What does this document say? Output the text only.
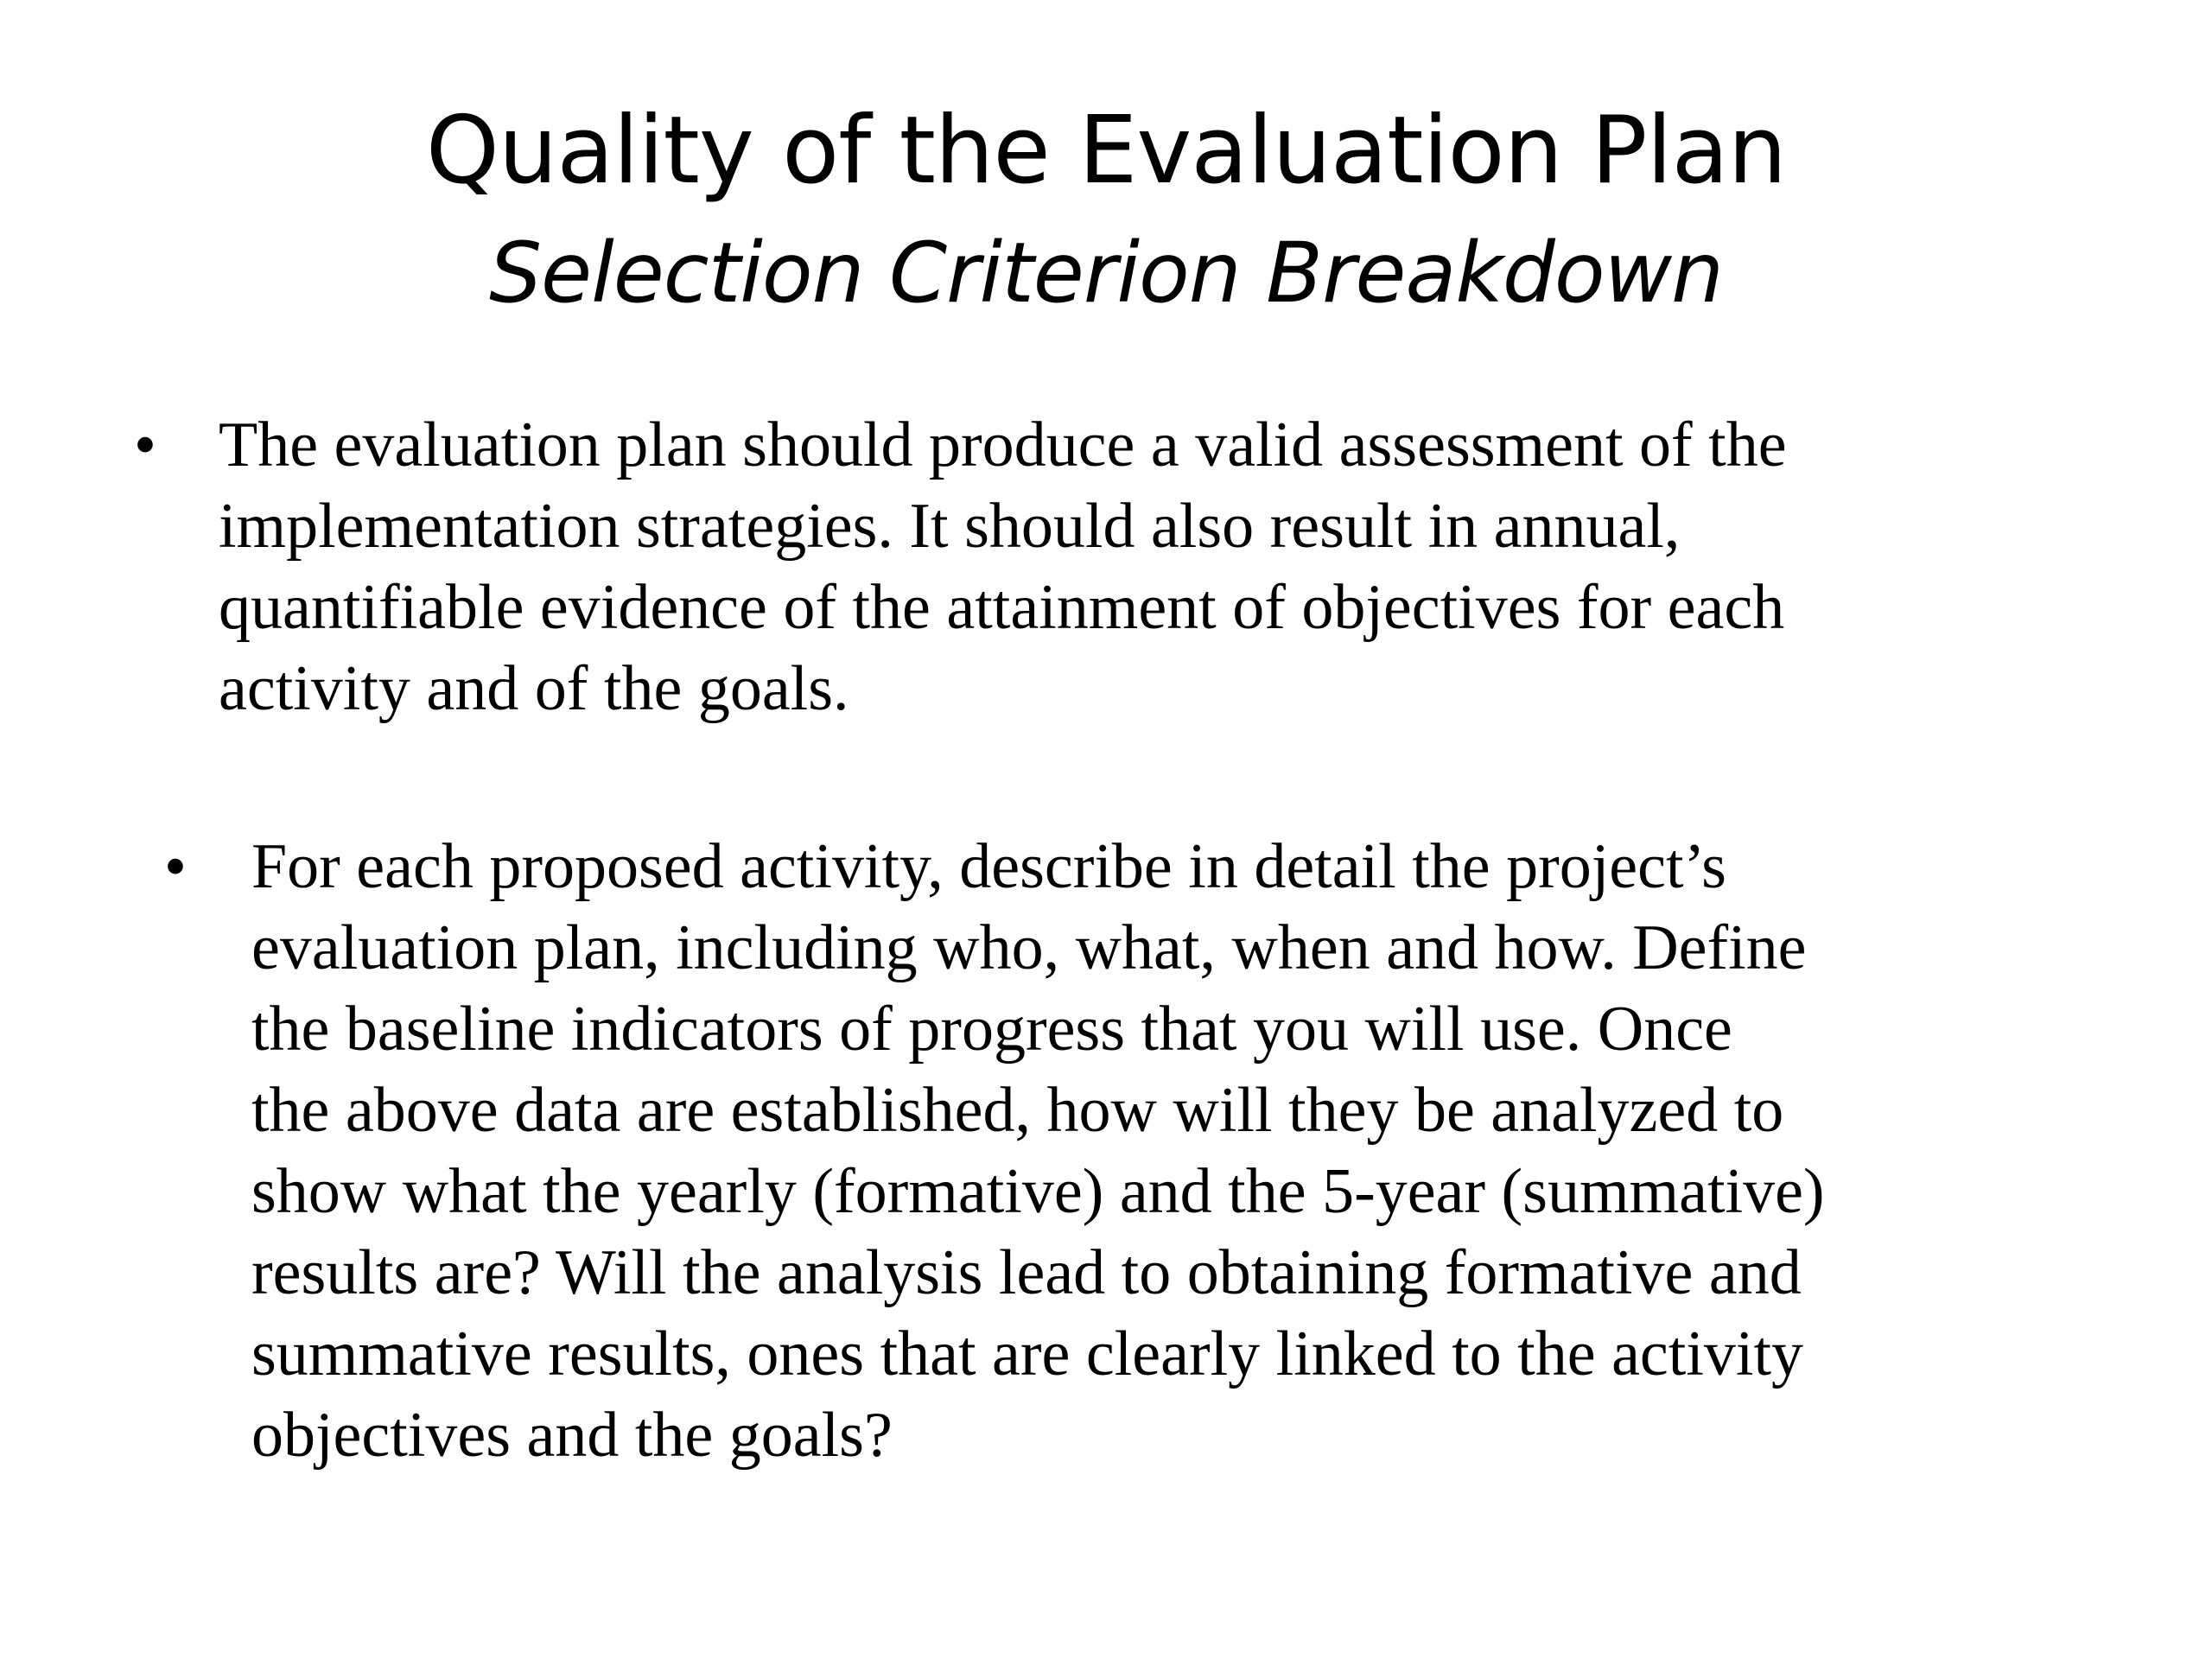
Quality of the Evaluation Plan
Selection Criterion Breakdown
• The evaluation plan should produce a valid assessment of the
implementation strategies. It should also result in annual,
quantifiable evidence of the attainment of objectives for each
activity and of the goals.
• For each proposed activity, describe in detail the project’s
evaluation plan, including who, what, when and how. Define
the baseline indicators of progress that you will use. Once
the above data are established, how will they be analyzed to
show what the yearly (formative) and the 5-year (summative)
results are? Will the analysis lead to obtaining formative and
summative results, ones that are clearly linked to the activity
objectives and the goals?
